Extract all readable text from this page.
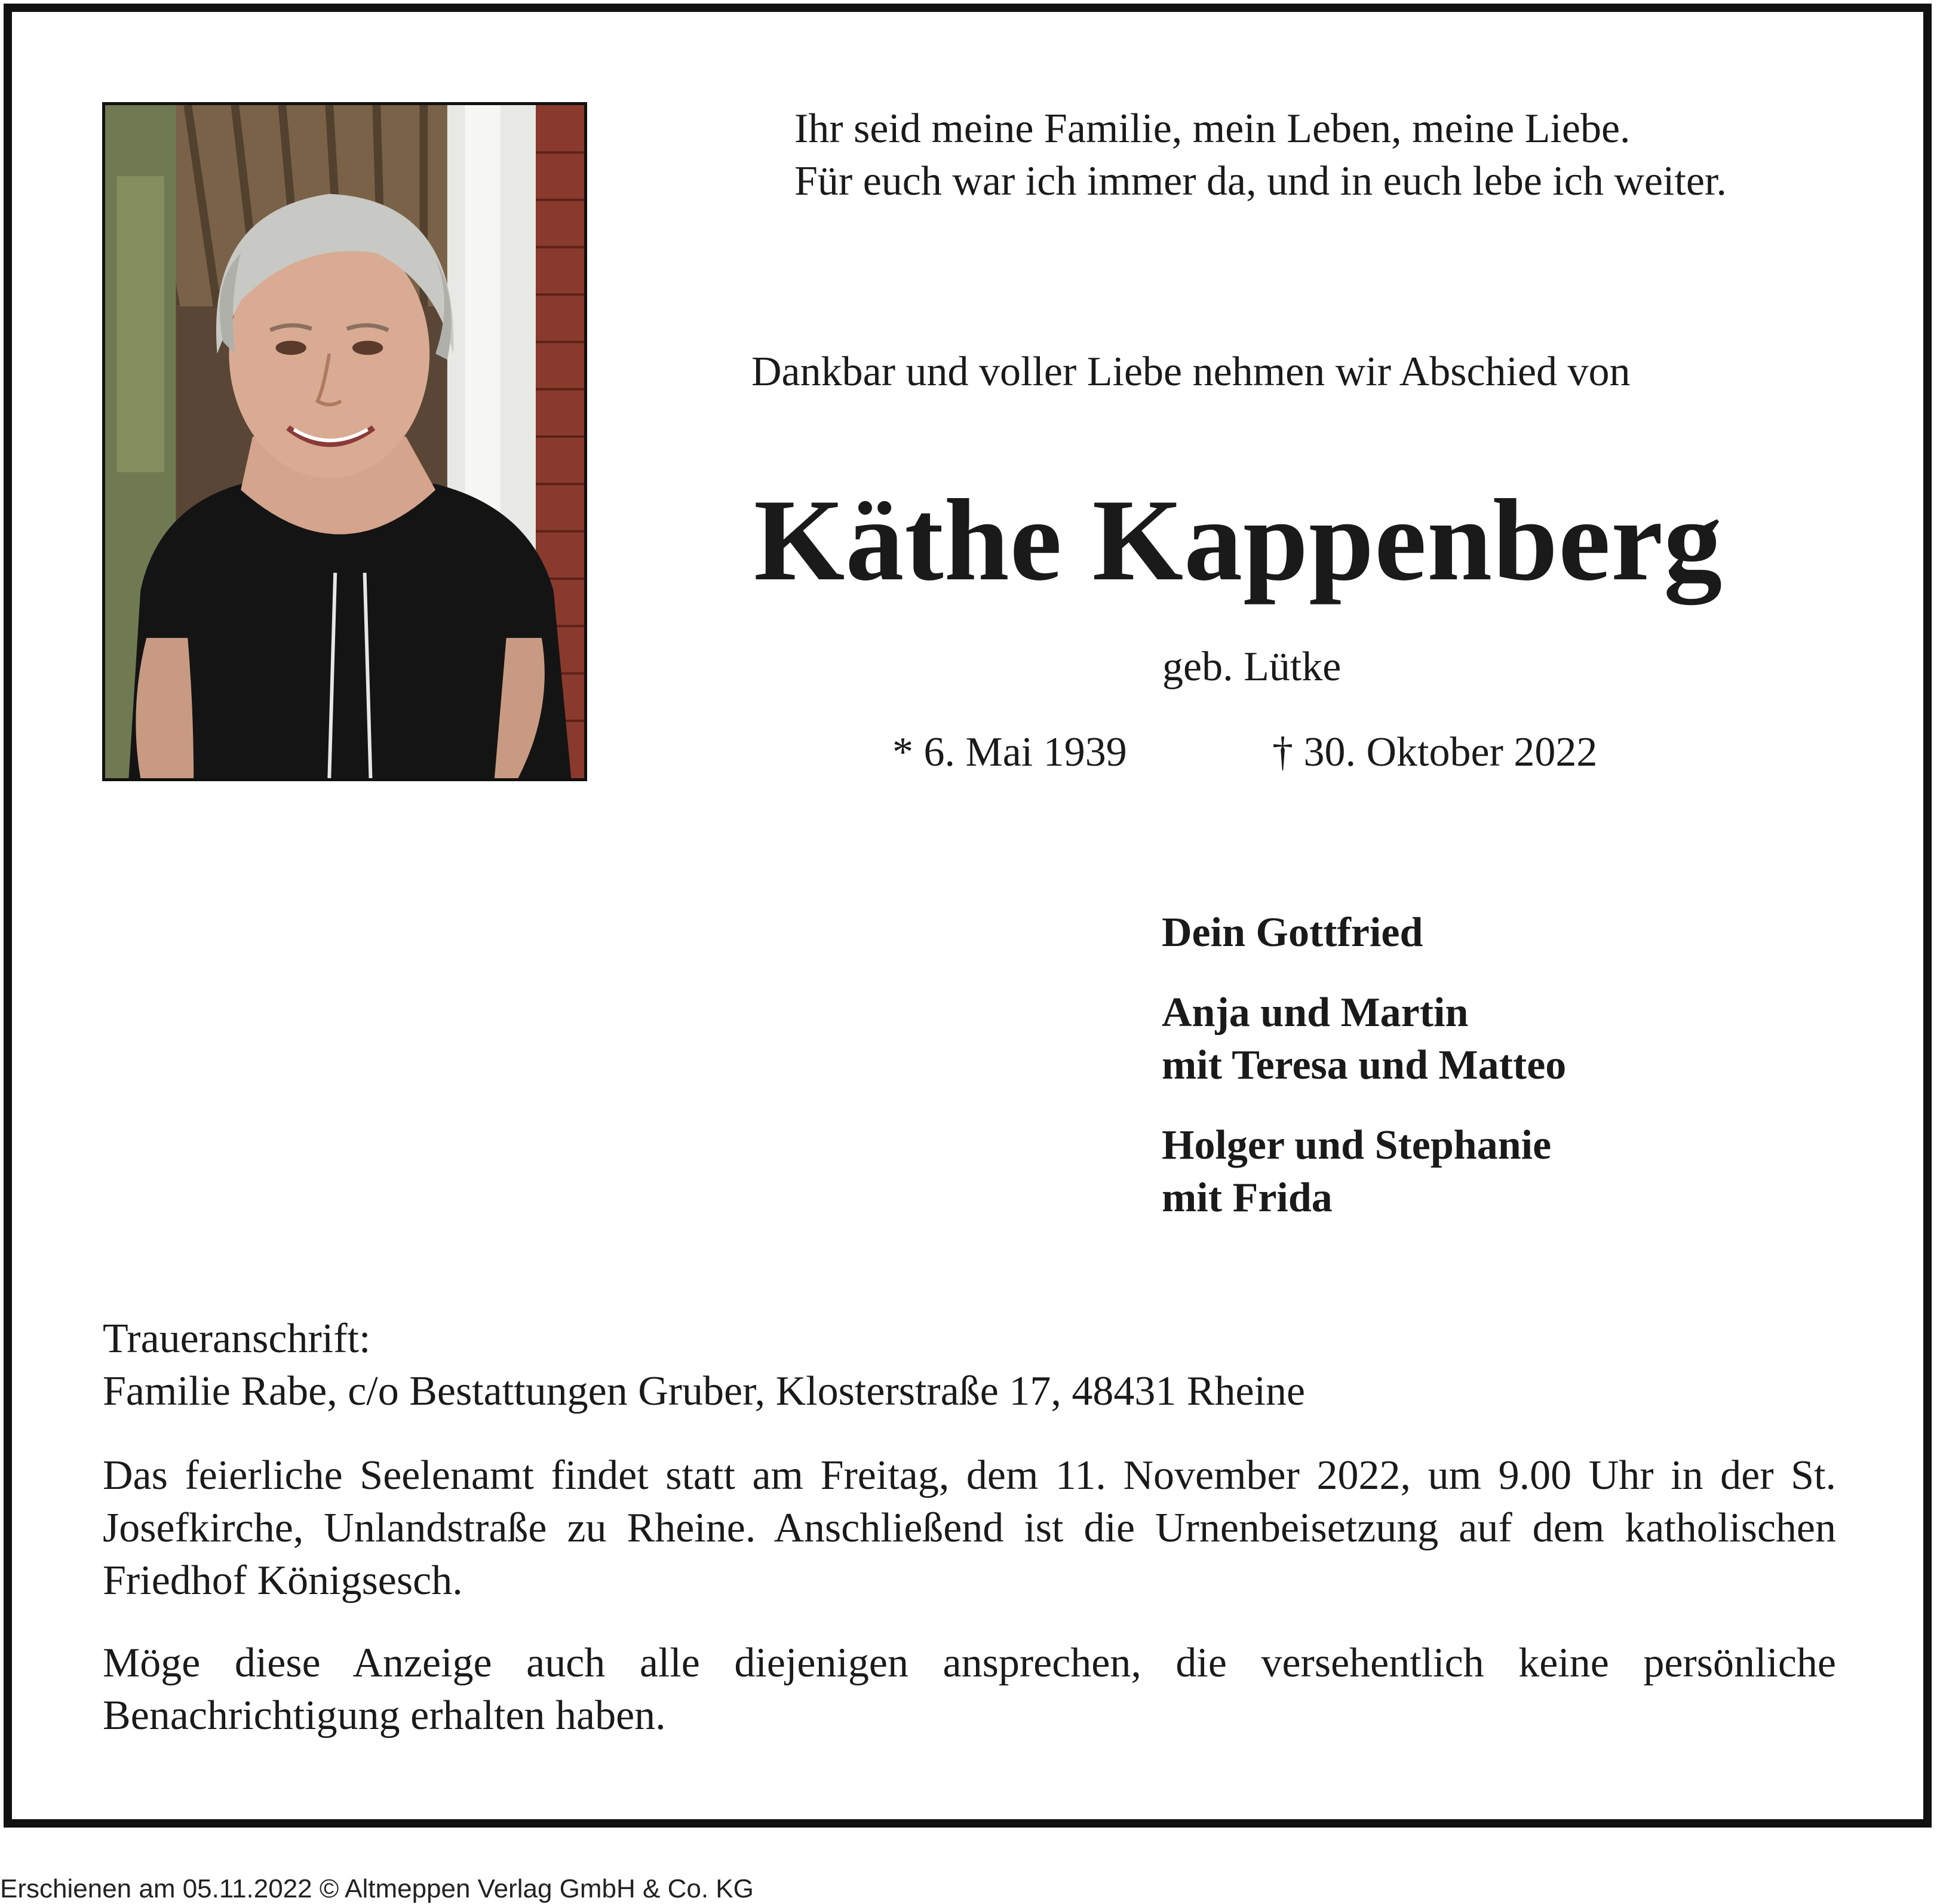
Ihr seid meine Familie, mein Leben, meine Liebe.
Für euch war ich immer da, und in euch lebe ich weiter.
Dankbar und voller Liebe nehmen wir Abschied von
Käthe Kappenberg
geb. Lütke
* 6. Mai 1939	† 30. Oktober 2022
Dein Gottfried
Anja und Martin
mit Teresa und Matteo
Holger und Stephanie
mit Frida
Traueranschrift:
Familie Rabe, c/o Bestattungen Gruber, Klosterstraße 17, 48431 Rheine
Das feierliche Seelenamt findet statt am Freitag, dem 11. November 2022, um 9.00 Uhr in der St. Josefkirche, Unlandstraße zu Rheine. Anschließend ist die Urnenbeisetzung auf dem katholischen Friedhof Königsesch.
Möge diese Anzeige auch alle diejenigen ansprechen, die versehentlich keine persönliche Benachrichtigung erhalten haben.
Erschienen am 05.11.2022 © Altmeppen Verlag GmbH & Co. KG
